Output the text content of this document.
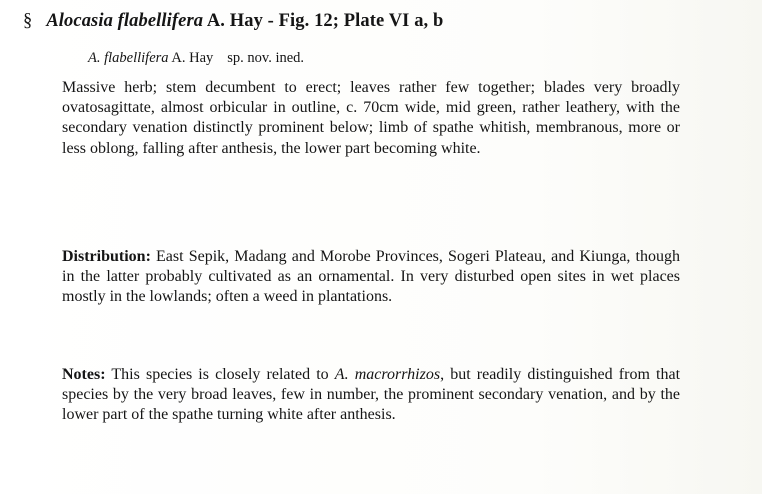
§ Alocasia flabellifera A. Hay - Fig. 12; Plate VI a, b
A. flabellifera A. Hay sp. nov. ined.

Massive herb; stem decumbent to erect; leaves rather few together; blades very broadly ovatosagittate, almost orbicular in outline, c. 70cm wide, mid green, rather leathery, with the secondary venation distinctly prominent below; limb of spathe whitish, membranous, more or less oblong, falling after anthesis, the lower part becoming white.

Distribution: East Sepik, Madang and Morobe Provinces, Sogeri Plateau, and Kiunga, though in the latter probably cultivated as an ornamental. In very disturbed open sites in wet places mostly in the lowlands; often a weed in plantations.

Notes: This species is closely related to A. macrorrhizos, but readily distinguished from that species by the very broad leaves, few in number, the prominent secondary venation, and by the lower part of the spathe turning white after anthesis.
